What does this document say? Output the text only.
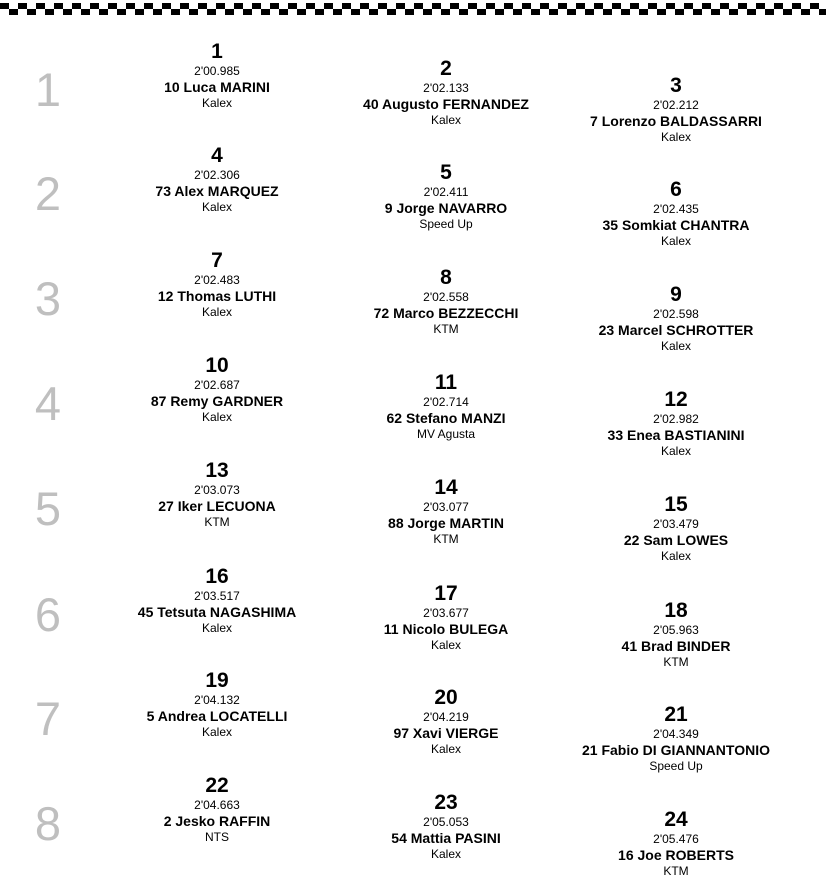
1
1
2'00.985
10 Luca MARINI
Kalex
2
2'02.133
40 Augusto FERNANDEZ
Kalex
3
2'02.212
7 Lorenzo BALDASSARRI
Kalex
2
4
2'02.306
73 Alex MARQUEZ
Kalex
5
2'02.411
9 Jorge NAVARRO
Speed Up
6
2'02.435
35 Somkiat CHANTRA
Kalex
3
7
2'02.483
12 Thomas LUTHI
Kalex
8
2'02.558
72 Marco BEZZECCHI
KTM
9
2'02.598
23 Marcel SCHROTTER
Kalex
4
10
2'02.687
87 Remy GARDNER
Kalex
11
2'02.714
62 Stefano MANZI
MV Agusta
12
2'02.982
33 Enea BASTIANINI
Kalex
5
13
2'03.073
27 Iker LECUONA
KTM
14
2'03.077
88 Jorge MARTIN
KTM
15
2'03.479
22 Sam LOWES
Kalex
6
16
2'03.517
45 Tetsuta NAGASHIMA
Kalex
17
2'03.677
11 Nicolo BULEGA
Kalex
18
2'05.963
41 Brad BINDER
KTM
7
19
2'04.132
5 Andrea LOCATELLI
Kalex
20
2'04.219
97 Xavi VIERGE
Kalex
21
2'04.349
21 Fabio DI GIANNANTONIO
Speed Up
8
22
2'04.663
2 Jesko RAFFIN
NTS
23
2'05.053
54 Mattia PASINI
Kalex
24
2'05.476
16 Joe ROBERTS
KTM
